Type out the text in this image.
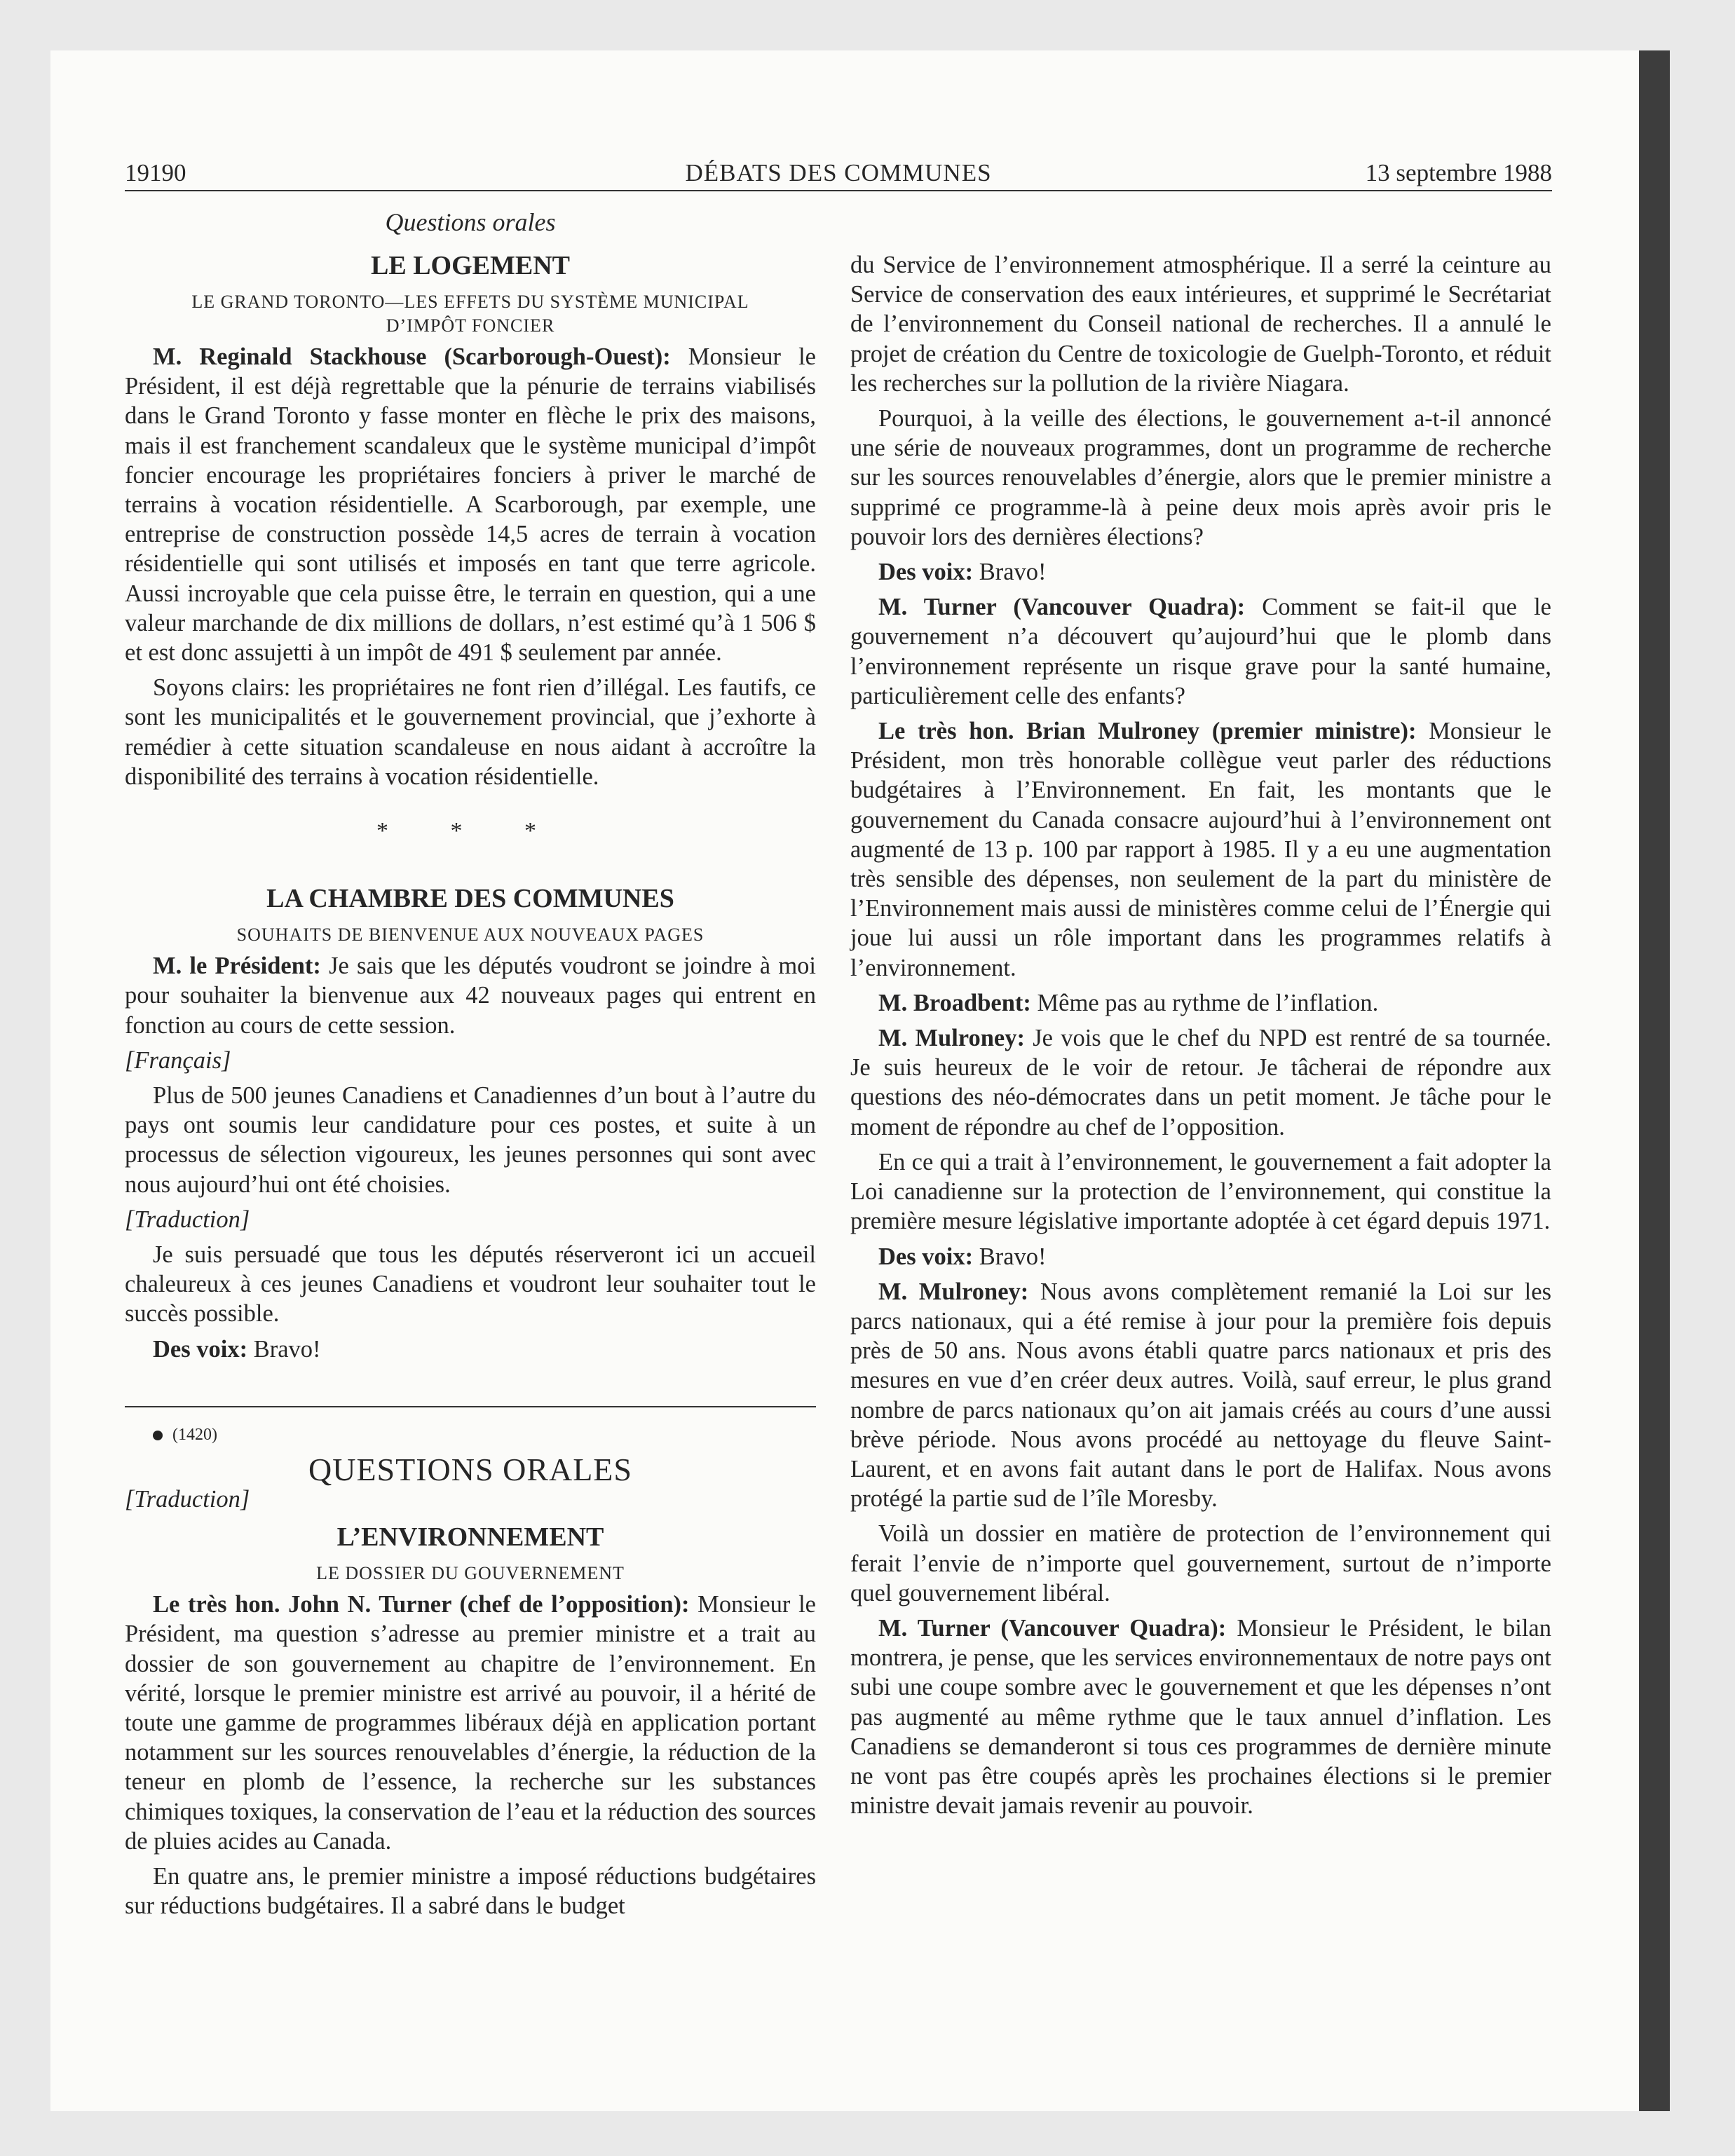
19190	DÉBATS DES COMMUNES	13 septembre 1988
Questions orales
LE LOGEMENT
LE GRAND TORONTO—LES EFFETS DU SYSTÈME MUNICIPAL D’IMPÔT FONCIER

M. Reginald Stackhouse (Scarborough-Ouest): Monsieur le Président, il est déjà regrettable que la pénurie de terrains viabilisés dans le Grand Toronto y fasse monter en flèche le prix des maisons, mais il est franchement scandaleux que le système municipal d’impôt foncier encourage les propriétaires fonciers à priver le marché de terrains à vocation résidentielle. A Scarborough, par exemple, une entreprise de construction possède 14,5 acres de terrain à vocation résidentielle qui sont utilisés et imposés en tant que terre agricole. Aussi incroyable que cela puisse être, le terrain en question, qui a une valeur marchande de dix millions de dollars, n’est estimé qu’à 1 506 $ et est donc assujetti à un impôt de 491 $ seulement par année.

Soyons clairs: les propriétaires ne font rien d’illégal. Les fautifs, ce sont les municipalités et le gouvernement provincial, que j’exhorte à remédier à cette situation scandaleuse en nous aidant à accroître la disponibilité des terrains à vocation résidentielle.

* * *
LA CHAMBRE DES COMMUNES
SOUHAITS DE BIENVENUE AUX NOUVEAUX PAGES

M. le Président: Je sais que les députés voudront se joindre à moi pour souhaiter la bienvenue aux 42 nouveaux pages qui entrent en fonction au cours de cette session.

[Français]

Plus de 500 jeunes Canadiens et Canadiennes d’un bout à l’autre du pays ont soumis leur candidature pour ces postes, et suite à un processus de sélection vigoureux, les jeunes personnes qui sont avec nous aujourd’hui ont été choisies.

[Traduction]

Je suis persuadé que tous les députés réserveront ici un accueil chaleureux à ces jeunes Canadiens et voudront leur souhaiter tout le succès possible.

Des voix: Bravo!

(1420)

QUESTIONS ORALES

[Traduction]

L’ENVIRONNEMENT
LE DOSSIER DU GOUVERNEMENT

Le très hon. John N. Turner (chef de l’opposition): Monsieur le Président, ma question s’adresse au premier ministre et a trait au dossier de son gouvernement au chapitre de l’environnement. En vérité, lorsque le premier ministre est arrivé au pouvoir, il a hérité de toute une gamme de programmes libéraux déjà en application portant notamment sur les sources renouvelables d’énergie, la réduction de la teneur en plomb de l’essence, la recherche sur les substances chimiques toxiques, la conservation de l’eau et la réduction des sources de pluies acides au Canada.

En quatre ans, le premier ministre a imposé réductions budgétaires sur réductions budgétaires. Il a sabré dans le budget

du Service de l’environnement atmosphérique. Il a serré la ceinture au Service de conservation des eaux intérieures, et supprimé le Secrétariat de l’environnement du Conseil national de recherches. Il a annulé le projet de création du Centre de toxicologie de Guelph-Toronto, et réduit les recherches sur la pollution de la rivière Niagara.

Pourquoi, à la veille des élections, le gouvernement a-t-il annoncé une série de nouveaux programmes, dont un programme de recherche sur les sources renouvelables d’énergie, alors que le premier ministre a supprimé ce programme-là à peine deux mois après avoir pris le pouvoir lors des dernières élections?

Des voix: Bravo!

M. Turner (Vancouver Quadra): Comment se fait-il que le gouvernement n’a découvert qu’aujourd’hui que le plomb dans l’environnement représente un risque grave pour la santé humaine, particulièrement celle des enfants?

Le très hon. Brian Mulroney (premier ministre): Monsieur le Président, mon très honorable collègue veut parler des réductions budgétaires à l’Environnement. En fait, les montants que le gouvernement du Canada consacre aujourd’hui à l’environnement ont augmenté de 13 p. 100 par rapport à 1985. Il y a eu une augmentation très sensible des dépenses, non seulement de la part du ministère de l’Environnement mais aussi de ministères comme celui de l’Énergie qui joue lui aussi un rôle important dans les programmes relatifs à l’environnement.

M. Broadbent: Même pas au rythme de l’inflation.

M. Mulroney: Je vois que le chef du NPD est rentré de sa tournée. Je suis heureux de le voir de retour. Je tâcherai de répondre aux questions des néo-démocrates dans un petit moment. Je tâche pour le moment de répondre au chef de l’opposition.

En ce qui a trait à l’environnement, le gouvernement a fait adopter la Loi canadienne sur la protection de l’environnement, qui constitue la première mesure législative importante adoptée à cet égard depuis 1971.

Des voix: Bravo!

M. Mulroney: Nous avons complètement remanié la Loi sur les parcs nationaux, qui a été remise à jour pour la première fois depuis près de 50 ans. Nous avons établi quatre parcs nationaux et pris des mesures en vue d’en créer deux autres. Voilà, sauf erreur, le plus grand nombre de parcs nationaux qu’on ait jamais créés au cours d’une aussi brève période. Nous avons procédé au nettoyage du fleuve Saint-Laurent, et en avons fait autant dans le port de Halifax. Nous avons protégé la partie sud de l’île Moresby.

Voilà un dossier en matière de protection de l’environnement qui ferait l’envie de n’importe quel gouvernement, surtout de n’importe quel gouvernement libéral.

M. Turner (Vancouver Quadra): Monsieur le Président, le bilan montrera, je pense, que les services environnementaux de notre pays ont subi une coupe sombre avec le gouvernement et que les dépenses n’ont pas augmenté au même rythme que le taux annuel d’inflation. Les Canadiens se demanderont si tous ces programmes de dernière minute ne vont pas être coupés après les prochaines élections si le premier ministre devait jamais revenir au pouvoir.
